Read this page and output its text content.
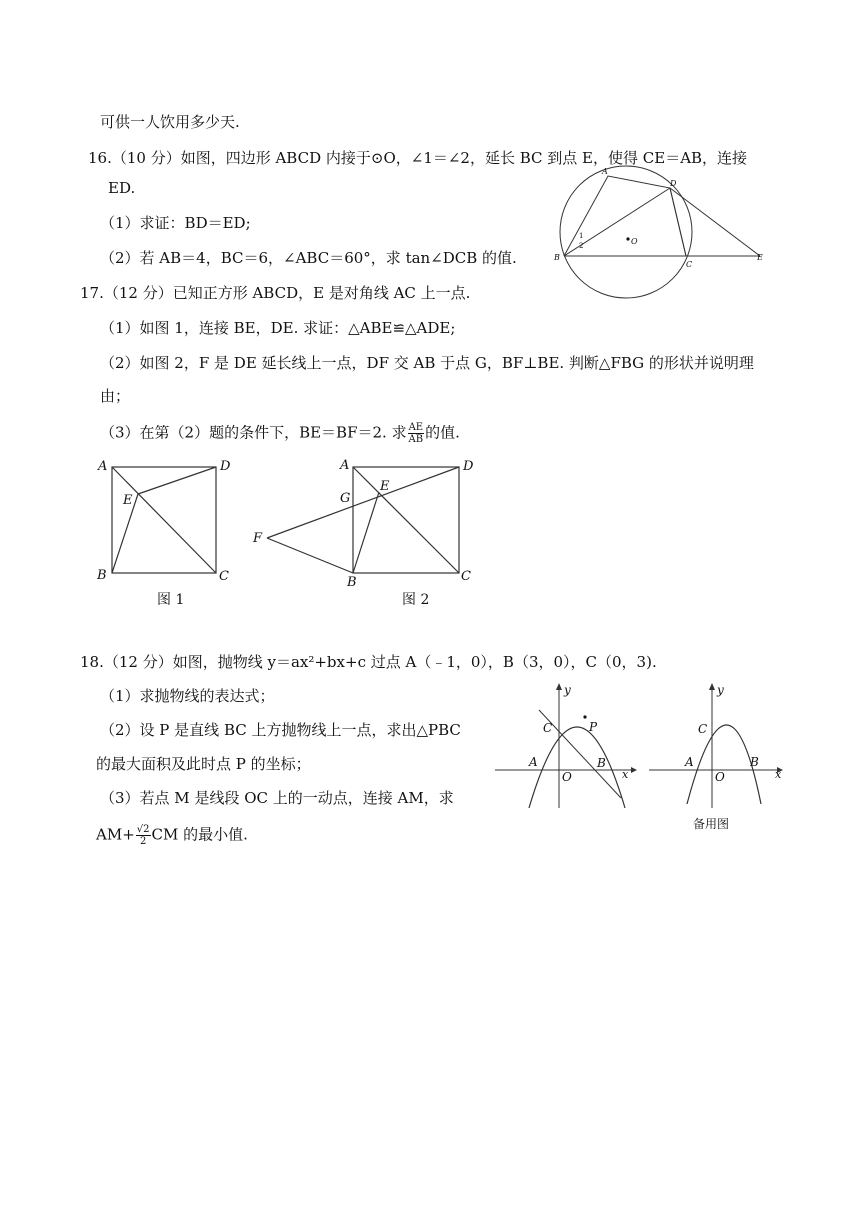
可供一人饮用多少天.
16.（10 分）如图，四边形 ABCD 内接于⊙O，∠1＝∠2，延长 BC 到点 E，使得 CE＝AB，连接
ED.
（1）求证：BD＝ED;
（2）若 AB＝4，BC＝6，∠ABC＝60°，求 tan∠DCB 的值.
17.（12 分）已知正方形 ABCD，E 是对角线 AC 上一点.
（1）如图 1，连接 BE，DE. 求证：△ABE≌△ADE;
（2）如图 2，F 是 DE 延长线上一点，DF 交 AB 于点 G，BF⊥BE. 判断△FBG 的形状并说明理
由；
（3）在第（2）题的条件下，BE＝BF＝2. 求 $\frac{AE}{AB}$ 的值.
18.（12 分）如图，抛物线 y＝ax²+bx+c 过点 A（﹣1，0），B（3，0），C（0，3).
（1）求抛物线的表达式；
（2）设 P 是直线 BC 上方抛物线上一点，求出△PBC
的最大面积及此时点 P 的坐标；
（3）若点 M 是线段 OC 上的一动点，连接 AM，求
$AM+ \frac{√2}{2}$ CM 的最小值.
A
D
B
C
E
O
1
2
A	D
E
B	C
图 1
A	D
G
E
F
B	C
图 2
y
x
C	P
A
O
B
y
x
C
A
O
B
备用图
